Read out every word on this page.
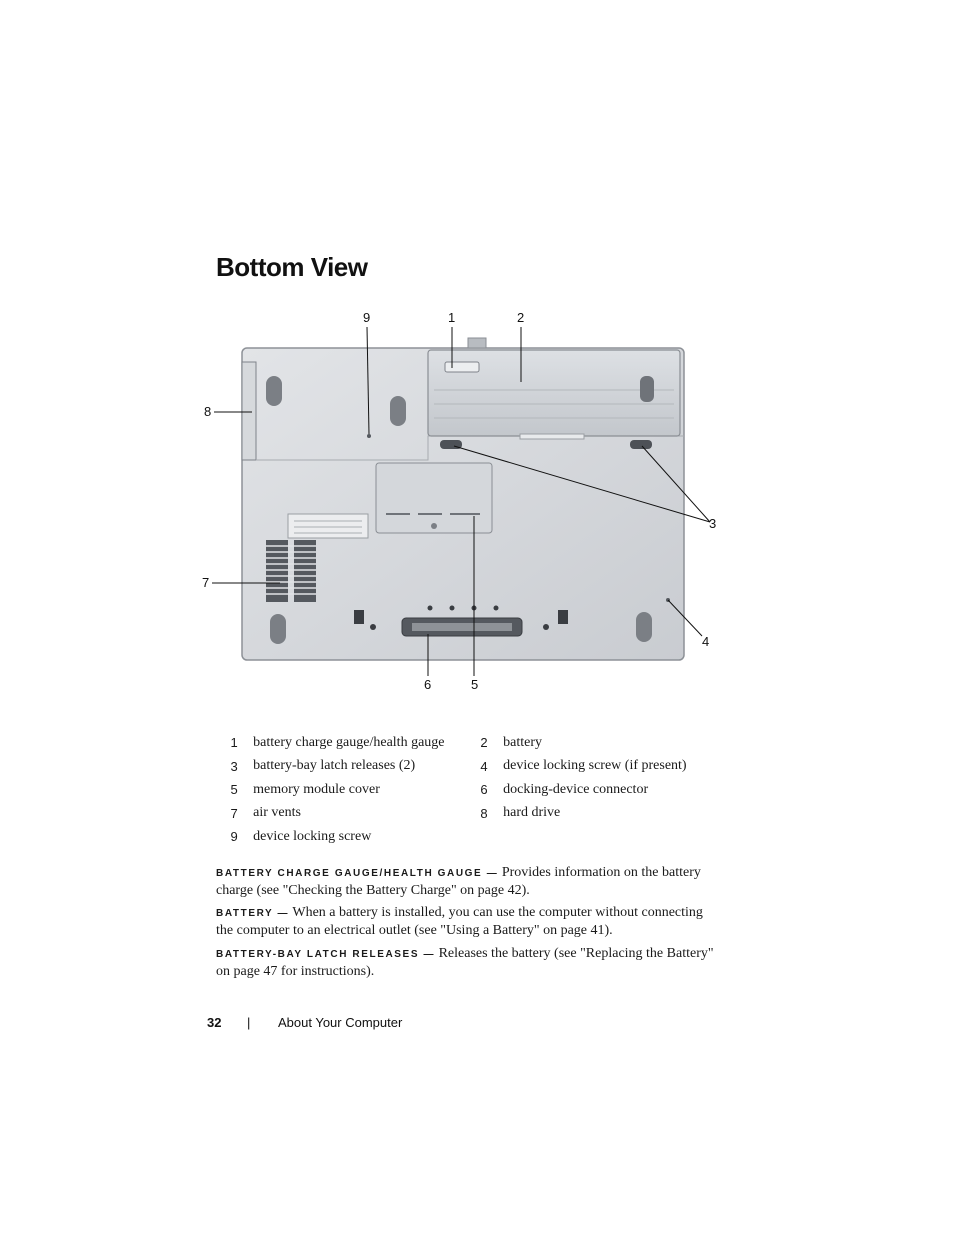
Bottom View
9	1	2
8
3
7
4
6	5
1	battery charge gauge/health gauge	2	battery
3	battery-bay latch releases (2)	4	device locking screw (if present)
5	memory module cover	6	docking-device connector
7	air vents	8	hard drive
9	device locking screw		

BATTERY CHARGE GAUGE/HEALTH GAUGE — Provides information on the battery charge (see "Checking the Battery Charge" on page 42).

BATTERY — When a battery is installed, you can use the computer without connecting the computer to an electrical outlet (see "Using a Battery" on page 41).

BATTERY-BAY LATCH RELEASES — Releases the battery (see "Replacing the Battery" on page 47 for instructions).

32 | About Your Computer
